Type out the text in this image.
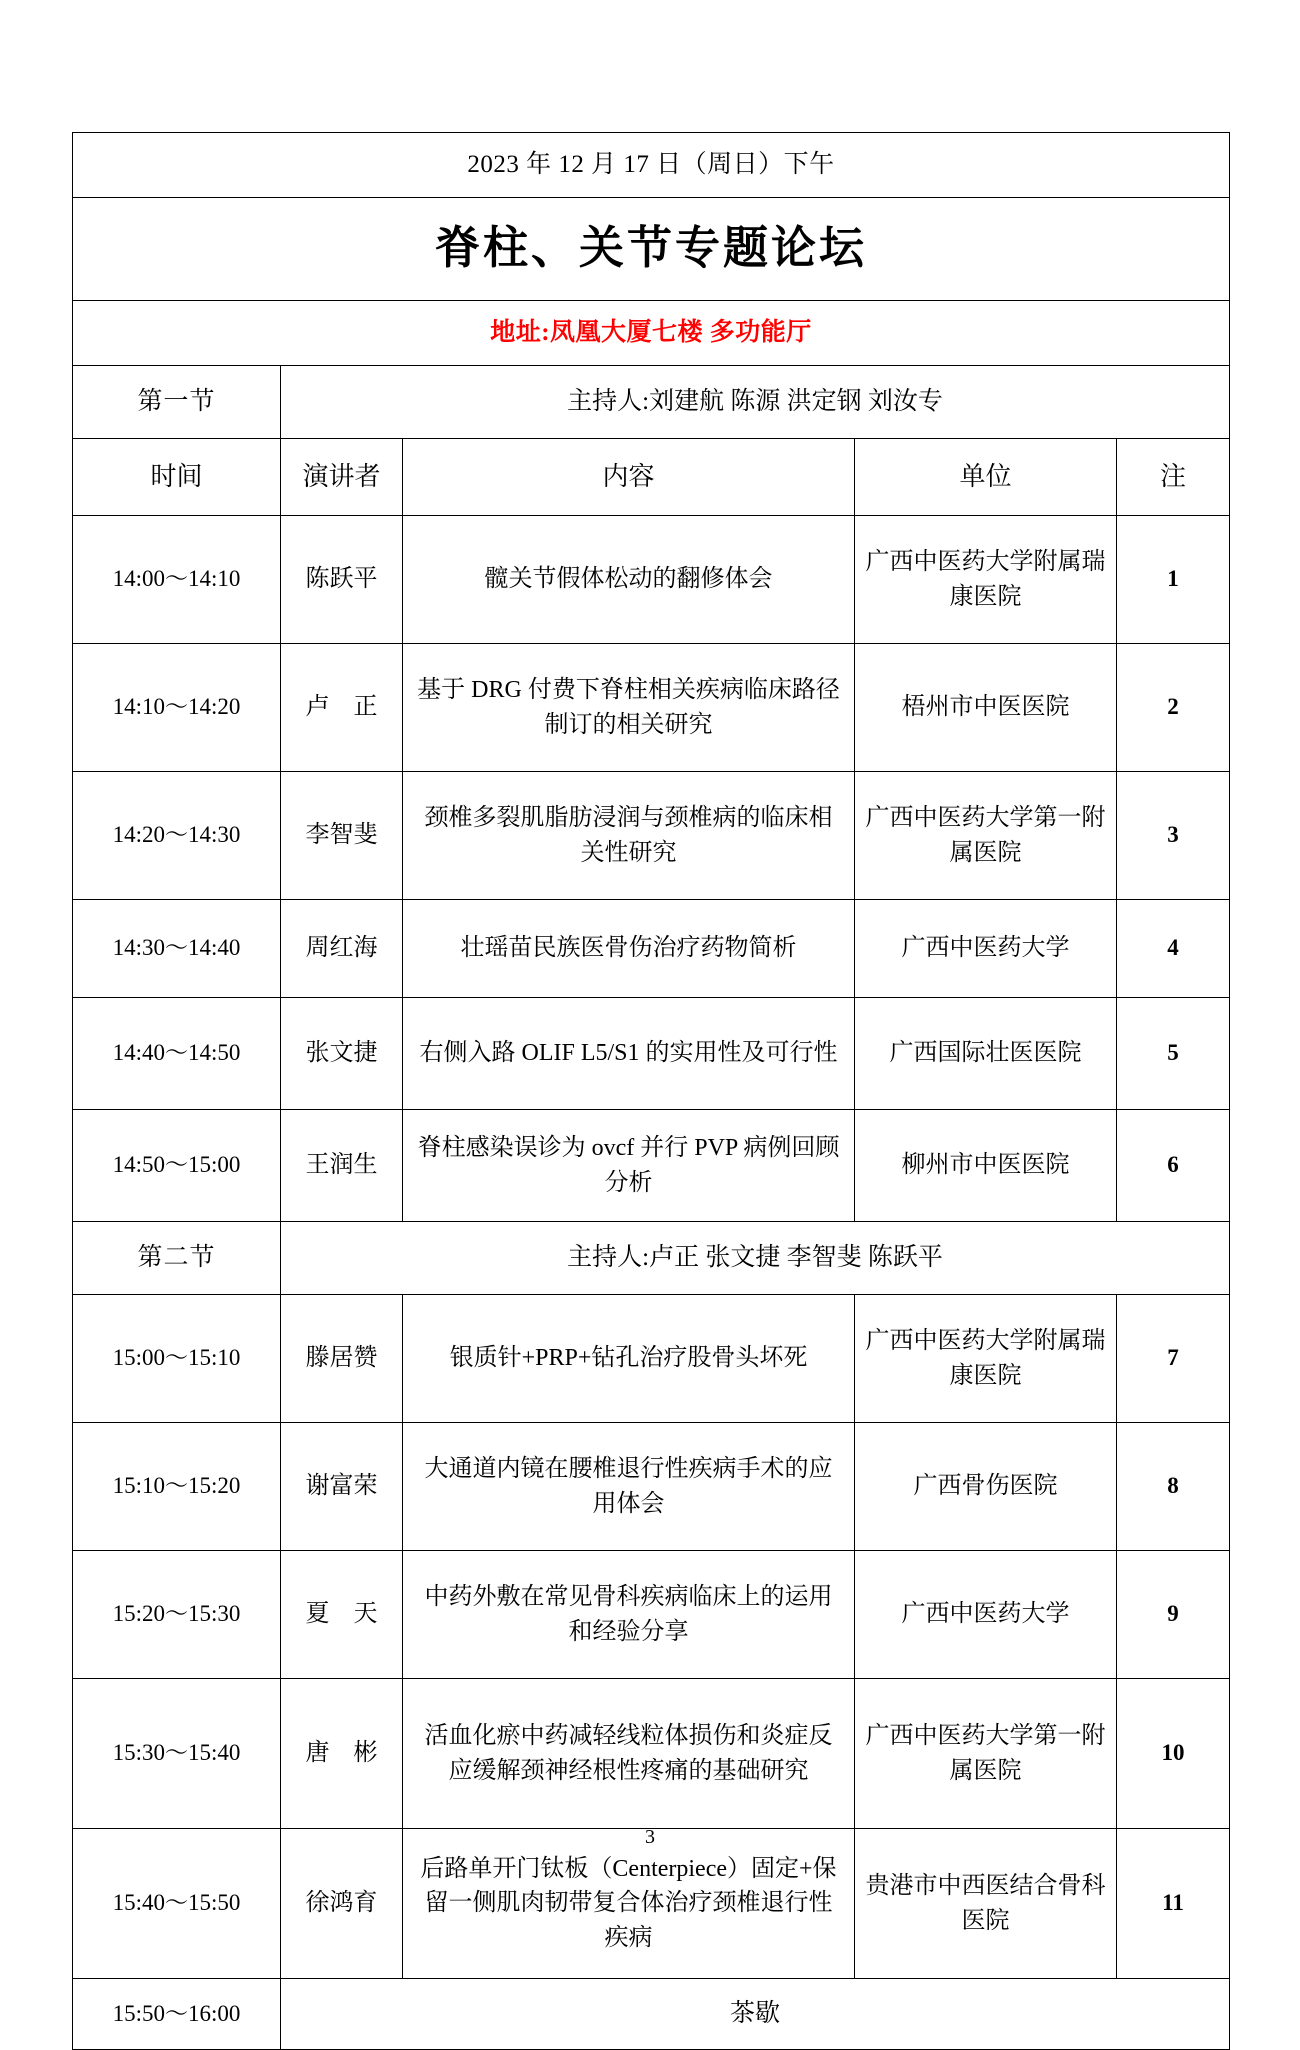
2023 年 12 月 17 日（周日）下午				
脊柱、关节专题论坛				
地址:凤凰大厦七楼 多功能厅				
第一节	主持人:刘建航 陈源 洪定钢 刘汝专			
时间	演讲者	内容	单位	注
14:00～14:10	陈跃平	髋关节假体松动的翻修体会	广西中医药大学附属瑞康医院	1
14:10～14:20	卢　正	基于 DRG 付费下脊柱相关疾病临床路径制订的相关研究	梧州市中医医院	2
14:20～14:30	李智斐	颈椎多裂肌脂肪浸润与颈椎病的临床相关性研究	广西中医药大学第一附属医院	3
14:30～14:40	周红海	壮瑶苗民族医骨伤治疗药物简析	广西中医药大学	4
14:40～14:50	张文捷	右侧入路 OLIF L5/S1 的实用性及可行性	广西国际壮医医院	5
14:50～15:00	王润生	脊柱感染误诊为 ovcf 并行 PVP 病例回顾分析	柳州市中医医院	6
第二节	主持人:卢正 张文捷 李智斐 陈跃平			
15:00～15:10	滕居赞	银质针+PRP+钻孔治疗股骨头坏死	广西中医药大学附属瑞康医院	7
15:10～15:20	谢富荣	大通道内镜在腰椎退行性疾病手术的应用体会	广西骨伤医院	8
15:20～15:30	夏　天	中药外敷在常见骨科疾病临床上的运用和经验分享	广西中医药大学	9
15:30～15:40	唐　彬	活血化瘀中药减轻线粒体损伤和炎症反应缓解颈神经根性疼痛的基础研究	广西中医药大学第一附属医院	10
15:40～15:50	徐鸿育	后路单开门钛板（Centerpiece）固定+保留一侧肌肉韧带复合体治疗颈椎退行性疾病	贵港市中西医结合骨科医院	11
15:50～16:00	茶歇			
3
